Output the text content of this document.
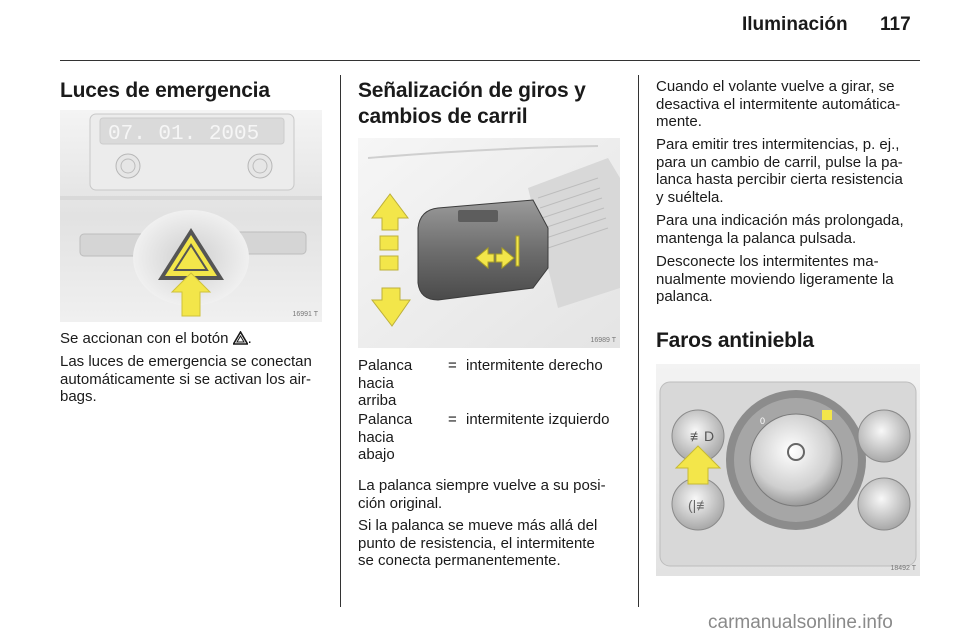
Iluminación 117
Luces de emergencia
07. 01. 2005
16991 T
Se accionan con el botón .
Las luces de emergencia se conectan
automáticamente si se activan los air-
bags.
Señalización de giros y
cambios de carril
16989 T
Palanca
hacia
arriba
= intermitente derecho
Palanca
hacia
abajo
= intermitente izquierdo
La palanca siempre vuelve a su posi-
ción original.
Si la palanca se mueve más allá del
punto de resistencia, el intermitente
se conecta permanentemente.
Cuando el volante vuelve a girar, se
desactiva el intermitente automática-
mente.
Para emitir tres intermitencias, p. ej.,
para un cambio de carril, pulse la pa-
lanca hasta percibir cierta resistencia
y suéltela.
Para una indicación más prolongada,
mantenga la palanca pulsada.
Desconecte los intermitentes ma-
nualmente moviendo ligeramente la
palanca.
Faros antiniebla
0
≢D
(|≢
18492 T
carmanualsonline.info
